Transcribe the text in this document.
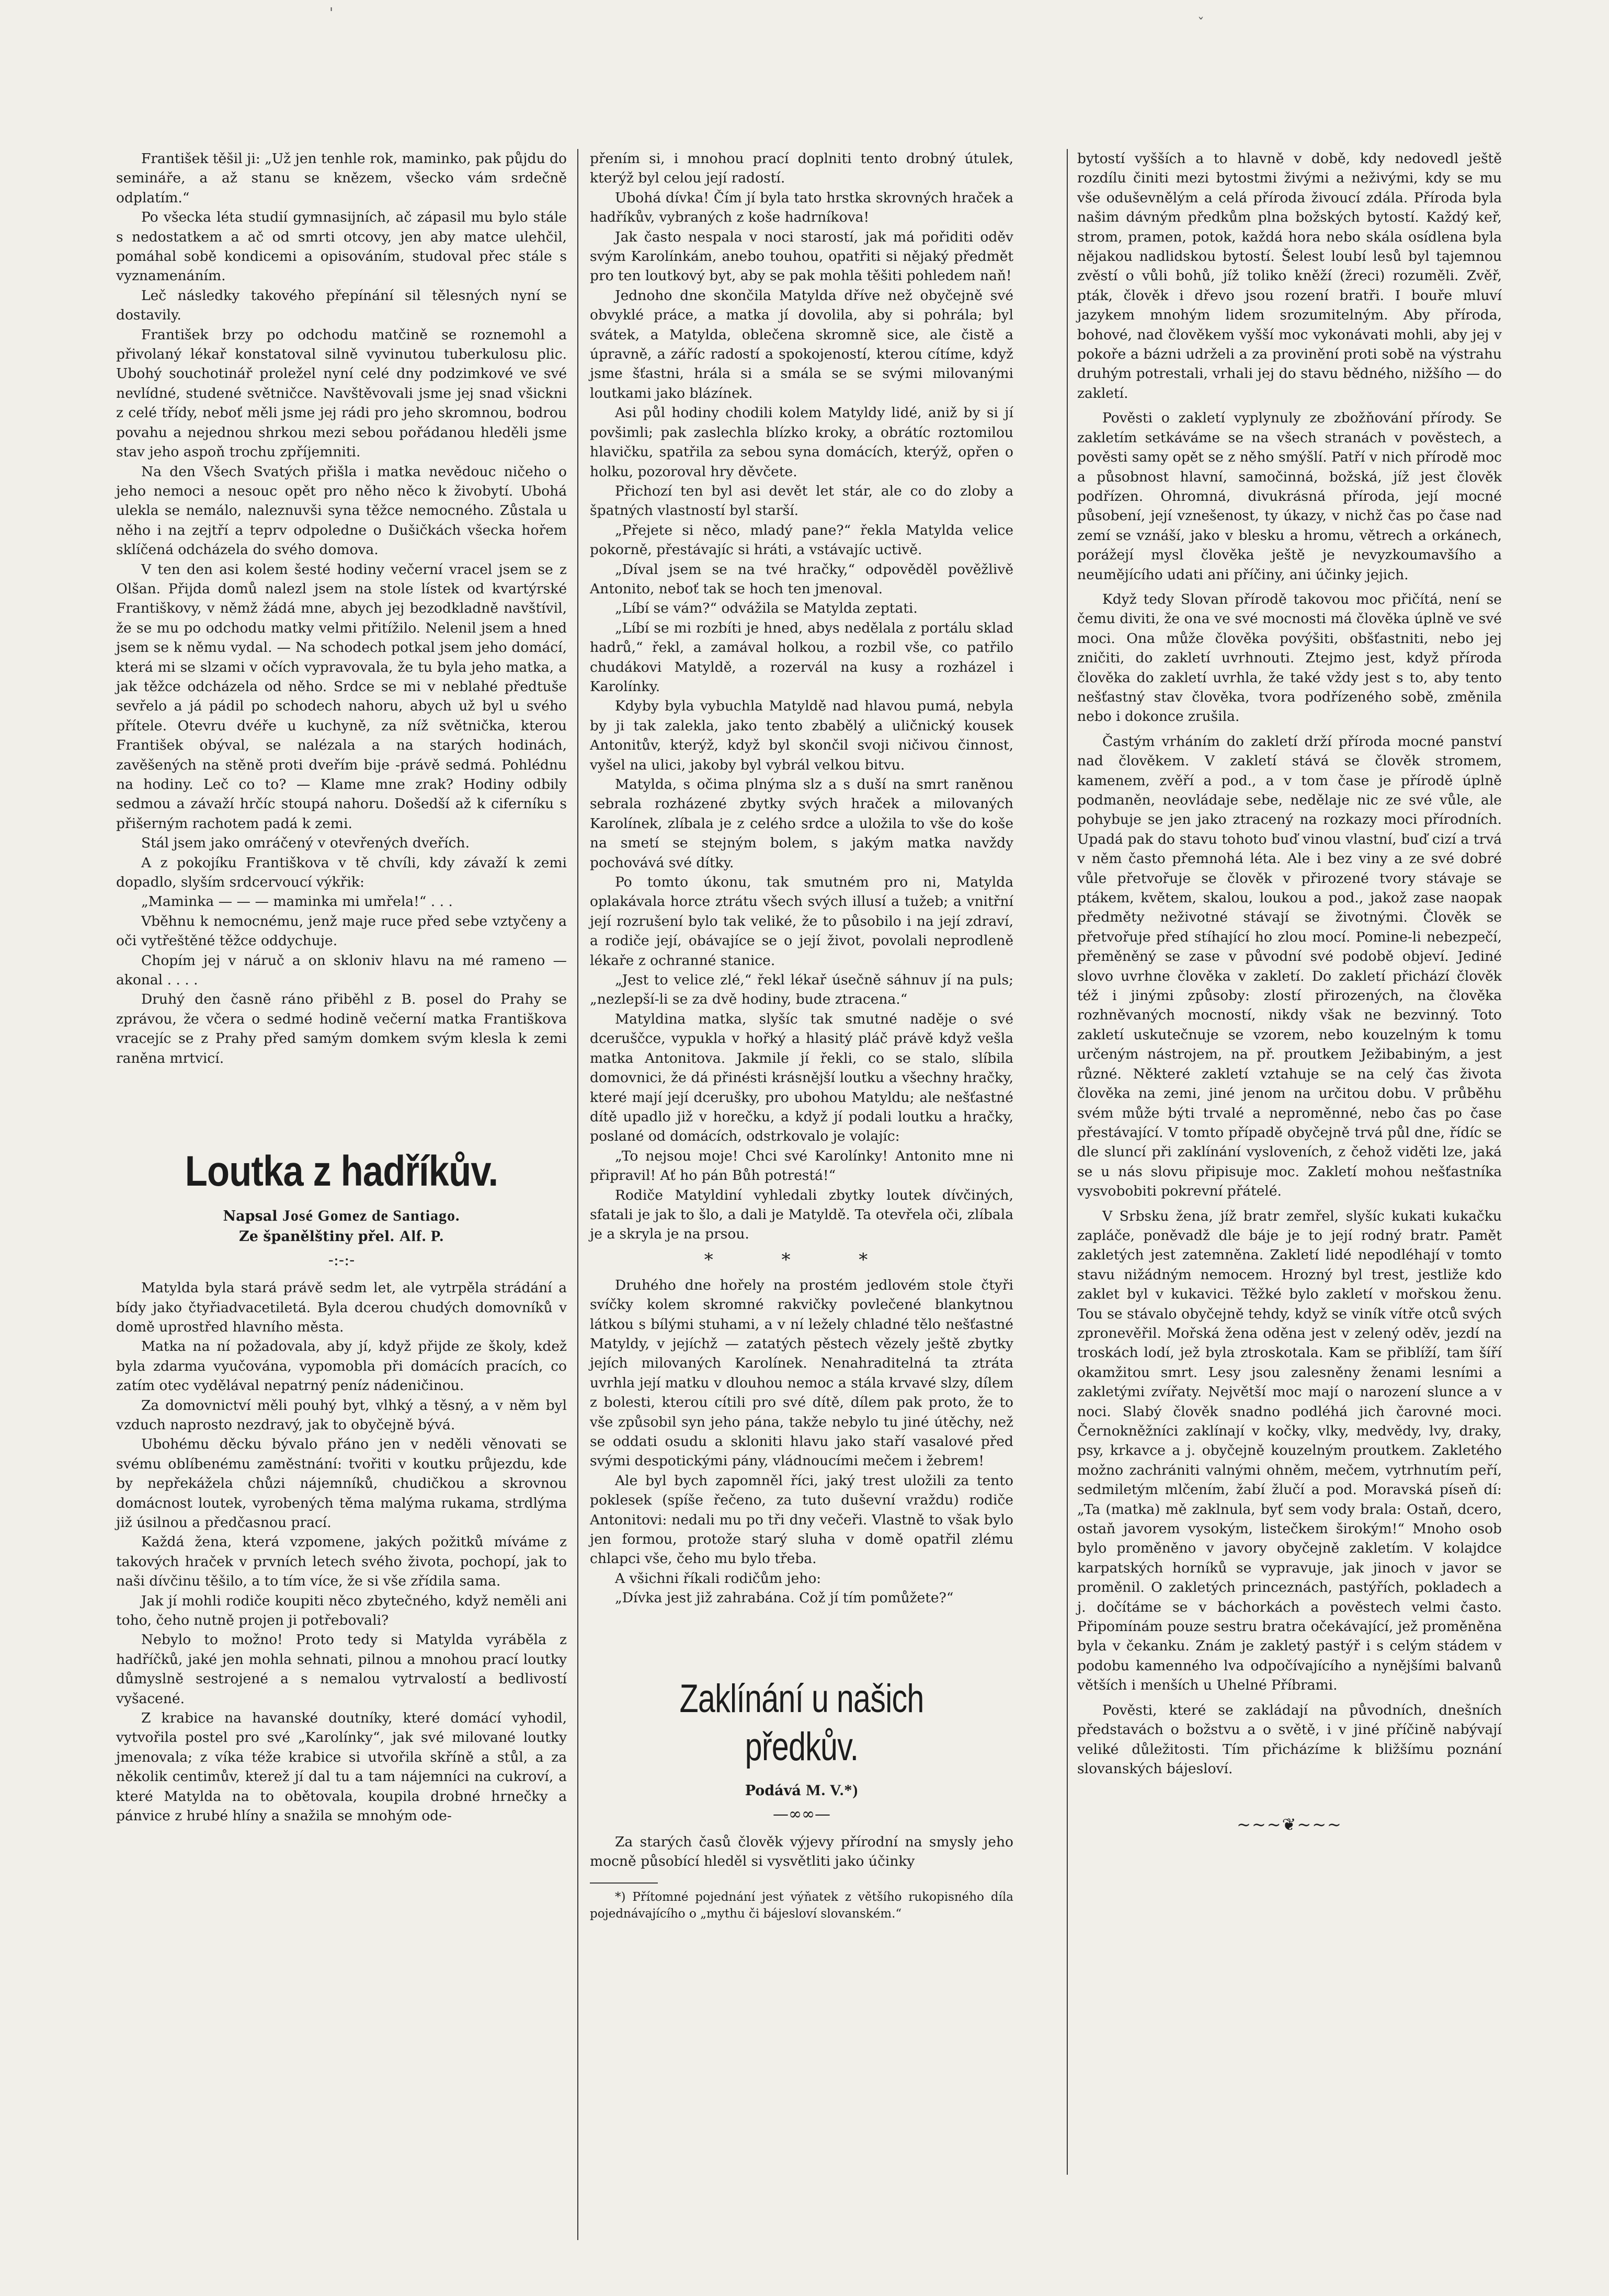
'
ˇ

František těšil ji: „Už jen tenhle rok, maminko, pak půjdu do semináře, a až stanu se knězem, všecko vám srdečně odplatím.“

Po všecka léta studií gymnasijních, ač zápasil mu bylo stále s nedostatkem a ač od smrti otcovy, jen aby matce ulehčil, pomáhal sobě kondicemi a opisováním, studoval přec stále s vyznamenáním.

Leč následky takového přepínání sil tělesných nyní se dostavily.

František brzy po odchodu matčině se roznemohl a přivolaný lékař konstatoval silně vyvinutou tuberkulosu plic. Ubohý souchotinář proležel nyní celé dny podzimkové ve své nevlídné, studené světničce. Navštěvovali jsme jej snad všickni z celé třídy, neboť měli jsme jej rádi pro jeho skromnou, bodrou povahu a nejednou shrkou mezi sebou pořádanou hleděli jsme stav jeho aspoň trochu zpříjemniti.

Na den Všech Svatých přišla i matka nevědouc ničeho o jeho nemoci a nesouc opět pro něho něco k živobytí. Ubohá ulekla se nemálo, naleznuvši syna těžce nemocného. Zůstala u něho i na zejtří a teprv odpoledne o Dušičkách všecka hořem sklíčená odcházela do svého domova.

V ten den asi kolem šesté hodiny večerní vracel jsem se z Olšan. Přijda domů nalezl jsem na stole lístek od kvartýrské Františkovy, v němž žádá mne, abych jej bezodkladně navštívil, že se mu po odchodu matky velmi přitížilo. Nelenil jsem a hned jsem se k němu vydal. — Na schodech potkal jsem jeho domácí, která mi se slzami v očích vypravovala, že tu byla jeho matka, a jak těžce odcházela od něho. Srdce se mi v neblahé předtuše sevřelo a já pádil po schodech nahoru, abych už byl u svého přítele. Otevru dvéře u kuchyně, za níž světnička, kterou František obýval, se nalézala a na starých hodinách, zavěšených na stěně proti dveřím bije -právě sedmá. Pohlédnu na hodiny. Leč co to? — Klame mne zrak? Hodiny odbily sedmou a závaží hrčíc stoupá nahoru. Došedší až k ciferníku s přišerným rachotem padá k zemi.

Stál jsem jako omráčený v otevřených dveřích.

A z pokojíku Františkova v tě chvíli, kdy závaží k zemi dopadlo, slyším srdcervoucí výkřik:

„Maminka — — — maminka mi umřela!“ . . .

Vběhnu k nemocnému, jenž maje ruce před sebe vztyčeny a oči vytřeštěné těžce oddychuje.

Chopím jej v náruč a on skloniv hlavu na mé rameno — akonal . . . .

Druhý den časně ráno přiběhl z B. posel do Prahy se zprávou, že včera o sedmé hodině večerní matka Františkova vracejíc se z Prahy před samým domkem svým klesla k zemi raněna mrtvicí.

Loutka z hadříkův.
Napsal José Gomez de Santiago.
Ze španělštiny přel. Alf. P.
-:-:-

Matylda byla stará právě sedm let, ale vytrpěla strádání a bídy jako čtyřiadvacetiletá. Byla dcerou chudých domovníků v domě uprostřed hlavního města.

Matka na ní požadovala, aby jí, když přijde ze školy, kdež byla zdarma vyučována, vypomobla při domácích pracích, co zatím otec vydělával nepatrný peníz nádeničinou.

Za domovnictví měli pouhý byt, vlhký a těsný, a v něm byl vzduch naprosto nezdravý, jak to obyčejně bývá.

Ubohému děcku bývalo přáno jen v neděli věnovati se svému oblíbenému zaměstnání: tvořiti v koutku průjezdu, kde by nepřekážela chůzi nájemníků, chudičkou a skrovnou domácnost loutek, vyrobených těma malýma rukama, strdlýma již úsilnou a předčasnou prací.

Každá žena, která vzpomene, jakých požitků míváme z takových hraček v prvních letech svého života, pochopí, jak to naši dívčinu těšilo, a to tím více, že si vše zřídila sama.

Jak jí mohli rodiče koupiti něco zbytečného, když neměli ani toho, čeho nutně projen ji potřebovali?

Nebylo to možno! Proto tedy si Matylda vyráběla z hadříčků, jaké jen mohla sehnati, pilnou a mnohou prací loutky důmyslně sestrojené a s nemalou vytrvalostí a bedlivostí vyšacené.

Z krabice na havanské doutníky, které domácí vyhodil, vytvořila postel pro své „Karolínky“, jak své milované loutky jmenovala; z víka téže krabice si utvořila skříně a stůl, a za několik centimův, kterež jí dal tu a tam nájemníci na cukroví, a které Matylda na to obětovala, koupila drobné hrnečky a pánvice z hrubé hlíny a snažila se mnohým ode-

přením si, i mnohou prací doplniti tento drobný útulek, kterýž byl celou její radostí.

Ubohá dívka! Čím jí byla tato hrstka skrovných hraček a hadříkův, vybraných z koše hadrníkova!

Jak často nespala v noci starostí, jak má pořiditi oděv svým Karolínkám, anebo touhou, opatřiti si nějaký předmět pro ten loutkový byt, aby se pak mohla těšiti pohledem naň!

Jednoho dne skončila Matylda dříve než obyčejně své obvyklé práce, a matka jí dovolila, aby si pohrála; byl svátek, a Matylda, oblečena skromně sice, ale čistě a úpravně, a záříc radostí a spokojeností, kterou cítíme, když jsme šťastni, hrála si a smála se se svými milovanými loutkami jako blázínek.

Asi půl hodiny chodili kolem Matyldy lidé, aniž by si jí povšimli; pak zaslechla blízko kroky, a obrátíc roztomilou hlavičku, spatřila za sebou syna domácích, kterýž, opřen o holku, pozoroval hry děvčete.

Přichozí ten byl asi devět let stár, ale co do zloby a špatných vlastností byl starší.

„Přejete si něco, mladý pane?“ řekla Matylda velice pokorně, přestávajíc si hráti, a vstávajíc uctivě.

„Díval jsem se na tvé hračky,“ odpověděl pověžlivě Antonito, neboť tak se hoch ten jmenoval.

„Líbí se vám?“ odvážila se Matylda zeptati.

„Líbí se mi rozbíti je hned, abys nedělala z portálu sklad hadrů,“ řekl, a zamával holkou, a rozbil vše, co patřilo chudákovi Matyldě, a rozervál na kusy a rozházel i Karolínky.

Kdyby byla vybuchla Matyldě nad hlavou pumá, nebyla by ji tak zalekla, jako tento zbabělý a uličnický kousek Antonitův, kterýž, když byl skončil svoji ničivou činnost, vyšel na ulici, jakoby byl vybrál velkou bitvu.

Matylda, s očima plnýma slz a s duší na smrt raněnou sebrala rozházené zbytky svých hraček a milovaných Karolínek, zlíbala je z celého srdce a uložila to vše do koše na smetí se stejným bolem, s jakým matka navždy pochovává své dítky.

Po tomto úkonu, tak smutném pro ni, Matylda oplakávala horce ztrátu všech svých illusí a tužeb; a vnitřní její rozrušení bylo tak veliké, že to působilo i na její zdraví, a rodiče její, obávajíce se o její život, povolali neprodleně lékaře z ochranné stanice.

„Jest to velice zlé,“ řekl lékař úsečně sáhnuv jí na puls; „nezlepší-li se za dvě hodiny, bude ztracena.“

Matyldina matka, slyšíc tak smutné naděje o své dceruščce, vypukla v hořký a hlasitý pláč právě když vešla matka Antonitova. Jakmile jí řekli, co se stalo, slíbila domovnici, že dá přinésti krásnější loutku a všechny hračky, které mají její dcerušky, pro ubohou Matyldu; ale nešťastné dítě upadlo již v horečku, a když jí podali loutku a hračky, poslané od domácích, odstrkovalo je volajíc:

„To nejsou moje! Chci své Karolínky! Antonito mne ni připravil! Ať ho pán Bůh potrestá!“

Rodiče Matyldiní vyhledali zbytky loutek dívčiných, sfatali je jak to šlo, a dali je Matyldě. Ta otevřela oči, zlíbala je a skryla je na prsou.

* * *

Druhého dne hořely na prostém jedlovém stole čtyři svíčky kolem skromné rakvičky povlečené blankytnou látkou s bílými stuhami, a v ní ležely chladné tělo nešťastné Matyldy, v jejíchž — zatatých pěstech vězely ještě zbytky jejích milovaných Karolínek. Nenahraditelná ta ztráta uvrhla její matku v dlouhou nemoc a stála krvavé slzy, dílem z bolesti, kterou cítili pro své dítě, dílem pak proto, že to vše způsobil syn jeho pána, takže nebylo tu jiné útěchy, než se oddati osudu a skloniti hlavu jako staří vasalové před svými despotickými pány, vládnoucími mečem i žebrem!

Ale byl bych zapomněl říci, jaký trest uložili za tento poklesek (spíše řečeno, za tuto duševní vraždu) rodiče Antonitovi: nedali mu po tři dny večeři. Vlastně to však bylo jen formou, protože starý sluha v domě opatřil zlému chlapci vše, čeho mu bylo třeba.

A všichni říkali rodičům jeho:

„Dívka jest již zahrabána. Což jí tím pomůžete?“

Zaklínání u našich předkův.
Podává M. V.*)
—∞∞—

Za starých časů člověk výjevy přírodní na smysly jeho mocně působící hleděl si vysvětliti jako účinky

*) Přítomné pojednání jest výňatek z většího rukopisného díla pojednávajícího o „mythu či bájesloví slovanském.“

bytostí vyšších a to hlavně v době, kdy nedovedl ještě rozdílu činiti mezi bytostmi živými a neživými, kdy se mu vše oduševnělým a celá příroda živoucí zdála. Příroda byla našim dávným předkům plna božských bytostí. Každý keř, strom, pramen, potok, každá hora nebo skála osídlena byla nějakou nadlidskou bytostí. Šelest loubí lesů byl tajemnou zvěstí o vůli bohů, jíž toliko kněží (žreci) rozuměli. Zvěř, pták, člověk i dřevo jsou rození bratři. I bouře mluví jazykem mnohým lidem srozumitelným. Aby příroda, bohové, nad člověkem vyšší moc vykonávati mohli, aby jej v pokoře a bázni udrželi a za provinění proti sobě na výstrahu druhým potrestali, vrhali jej do stavu bědného, nižšího — do zakletí.

Pověsti o zakletí vyplynuly ze zbožňování přírody. Se zakletím setkáváme se na všech stranách v pověstech, a pověsti samy opět se z něho smýšlí. Patří v nich přírodě moc a působnost hlavní, samočinná, božská, jíž jest člověk podřízen. Ohromná, divukrásná příroda, její mocné působení, její vznešenost, ty úkazy, v nichž čas po čase nad zemí se vznáší, jako v blesku a hromu, větrech a orkánech, porážejí mysl člověka ještě je nevyzkoumavšího a neumějícího udati ani příčiny, ani účinky jejich.

Když tedy Slovan přírodě takovou moc přičítá, není se čemu diviti, že ona ve své mocnosti má člověka úplně ve své moci. Ona může člověka povýšiti, obšťastniti, nebo jej zničiti, do zakletí uvrhnouti. Ztejmo jest, když příroda člověka do zakletí uvrhla, že také vždy jest s to, aby tento nešťastný stav člověka, tvora podřízeného sobě, změnila nebo i dokonce zrušila.

Častým vrháním do zakletí drží příroda mocné panství nad člověkem. V zakletí stává se člověk stromem, kamenem, zvěří a pod., a v tom čase je přírodě úplně podmaněn, neovládaje sebe, nedělaje nic ze své vůle, ale pohybuje se jen jako ztracený na rozkazy moci přírodních. Upadá pak do stavu tohoto buď vinou vlastní, buď cizí a trvá v něm často přemnohá léta. Ale i bez viny a ze své dobré vůle přetvořuje se člověk v přirozené tvory stávaje se ptákem, květem, skalou, loukou a pod., jakož zase naopak předměty neživotné stávají se životnými. Člověk se přetvořuje před stíhající ho zlou mocí. Pomine-li nebezpečí, přeměněný se zase v původní své podobě objeví. Jediné slovo uvrhne člověka v zakletí. Do zakletí přichází člověk též i jinými způsoby: zlostí přirozených, na člověka rozhněvaných mocností, nikdy však ne bezvinný. Toto zakletí uskutečnuje se vzorem, nebo kouzelným k tomu určeným nástrojem, na př. proutkem Ježibabiným, a jest různé. Některé zakletí vztahuje se na celý čas života člověka na zemi, jiné jenom na určitou dobu. V průběhu svém může býti trvalé a neproměnné, nebo čas po čase přestávající. V tomto případě obyčejně trvá půl dne, řídíc se dle sluncí při zaklínání vysloveních, z čehož viděti lze, jaká se u nás slovu připisuje moc. Zakletí mohou nešťastníka vysvobobiti pokrevní přátelé.

V Srbsku žena, jíž bratr zemřel, slyšíc kukati kukačku zapláče, poněvadž dle báje je to její rodný bratr. Pamět zakletých jest zatemněna. Zakletí lidé nepodléhají v tomto stavu nižádným nemocem. Hrozný byl trest, jestliže kdo zaklet byl v kukavici. Těžké bylo zakletí v mořskou ženu. Tou se stávalo obyčejně tehdy, když se viník vítře otců svých zpronevěřil. Mořská žena oděna jest v zelený oděv, jezdí na troskách lodí, jež byla ztroskotala. Kam se přiblíží, tam šíří okamžitou smrt. Lesy jsou zalesněny ženami lesními a zakletými zvířaty. Největší moc mají o narození slunce a v noci. Slabý člověk snadno podléhá jich čarovné moci. Černokněžníci zaklínají v kočky, vlky, medvědy, lvy, draky, psy, krkavce a j. obyčejně kouzelným proutkem. Zakletého možno zachrániti valnými ohněm, mečem, vytrhnutím peří, sedmiletým mlčením, žabí žlučí a pod. Moravská píseň dí: „Ta (matka) mě zaklnula, byť sem vody brala: Ostaň, dcero, ostaň javorem vysokým, listečkem širokým!“ Mnoho osob bylo proměněno v javory obyčejně zakletím. V kolajdce karpatských horníků se vypravuje, jak jinoch v javor se proměnil. O zakletých princeznách, pastýřích, pokladech a j. dočítáme se v báchorkách a pověstech velmi často. Připomínám pouze sestru bratra očekávající, jež proměněna byla v čekanku. Znám je zakletý pastýř i s celým stádem v podobu kamenného lva odpočívajícího a nynějšími balvanů větších i menších u Uhelné Příbrami.

Pověsti, které se zakládají na původních, dnešních představách o božstvu a o světě, i v jiné příčině nabývají veliké důležitosti. Tím přicházíme k bližšímu poznání slovanských bájesloví.

~~~❦~~~
